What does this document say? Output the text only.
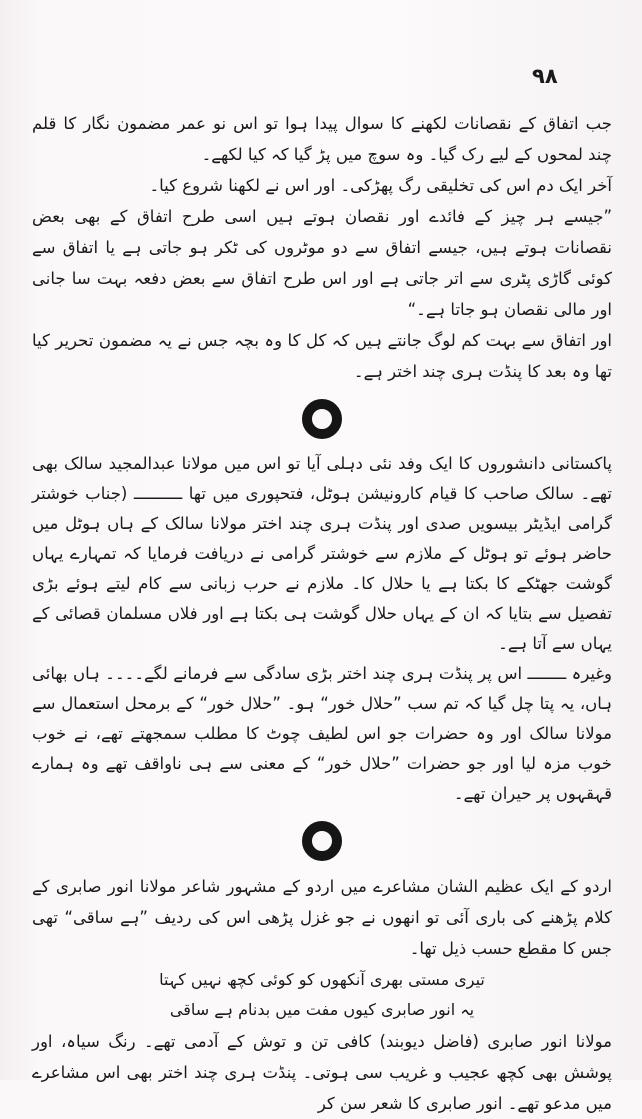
۹۸

جب اتفاق کے نقصانات لکھنے کا سوال پیدا ہوا تو اس نو عمر مضمون نگار کا قلم چند لمحوں کے لیے رک گیا۔ وہ سوچ میں پڑ گیا کہ کیا لکھے۔

آخر ایک دم اس کی تخلیقی رگ پھڑکی۔ اور اس نے لکھنا شروع کیا۔

”جیسے ہر چیز کے فائدے اور نقصان ہوتے ہیں اسی طرح اتفاق کے بھی بعض نقصانات ہوتے ہیں، جیسے اتفاق سے دو موٹروں کی ٹکر ہو جاتی ہے یا اتفاق سے کوئی گاڑی پٹری سے اتر جاتی ہے اور اس طرح اتفاق سے بعض دفعہ بہت سا جانی اور مالی نقصان ہو جاتا ہے۔“

اور اتفاق سے بہت کم لوگ جانتے ہیں کہ کل کا وہ بچہ جس نے یہ مضمون تحریر کیا تھا وہ بعد کا پنڈت ہری چند اختر ہے۔

پاکستانی دانشوروں کا ایک وفد نئی دہلی آیا تو اس میں مولانا عبدالمجید سالک بھی تھے۔ سالک صاحب کا قیام کارونیشن ہوٹل، فتحپوری میں تھا ــــــــــ (جناب خوشتر گرامی ایڈیٹر بیسویں صدی اور پنڈت ہری چند اختر مولانا سالک کے ہاں ہوٹل میں حاضر ہوئے تو ہوٹل کے ملازم سے خوشتر گرامی نے دریافت فرمایا کہ تمہارے یہاں گوشت جھٹکے کا بکتا ہے یا حلال کا۔ ملازم نے حرب زبانی سے کام لیتے ہوئے بڑی تفصیل سے بتایا کہ ان کے یہاں حلال گوشت ہی بکتا ہے اور فلاں مسلمان قصائی کے یہاں سے آتا ہے۔

وغیرہ ــــــــ اس پر پنڈت ہری چند اختر بڑی سادگی سے فرمانے لگے۔۔۔۔ ہاں بھائی ہاں، یہ پتا چل گیا کہ تم سب ”حلال خور“ ہو۔ ”حلال خور“ کے برمحل استعمال سے مولانا سالک اور وہ حضرات جو اس لطیف چوٹ کا مطلب سمجھتے تھے، نے خوب خوب مزہ لیا اور جو حضرات ”حلال خور“ کے معنی سے ہی ناواقف تھے وہ ہمارے قہقہوں پر حیران تھے۔

اردو کے ایک عظیم الشان مشاعرے میں اردو کے مشہور شاعر مولانا انور صابری کے کلام پڑھنے کی باری آئی تو انھوں نے جو غزل پڑھی اس کی ردیف ”ہے ساقی“ تھی جس کا مقطع حسب ذیل تھا۔

تیری مستی بھری آنکھوں کو کوئی کچھ نہیں کہتا

یہ انور صابری کیوں مفت میں بدنام ہے ساقی

مولانا انور صابری (فاضل دیوبند) کافی تن و توش کے آدمی تھے۔ رنگ سیاہ، اور پوشش بھی کچھ عجیب و غریب سی ہوتی۔ پنڈت ہری چند اختر بھی اس مشاعرے میں مدعو تھے۔ انور صابری کا شعر سن کر
